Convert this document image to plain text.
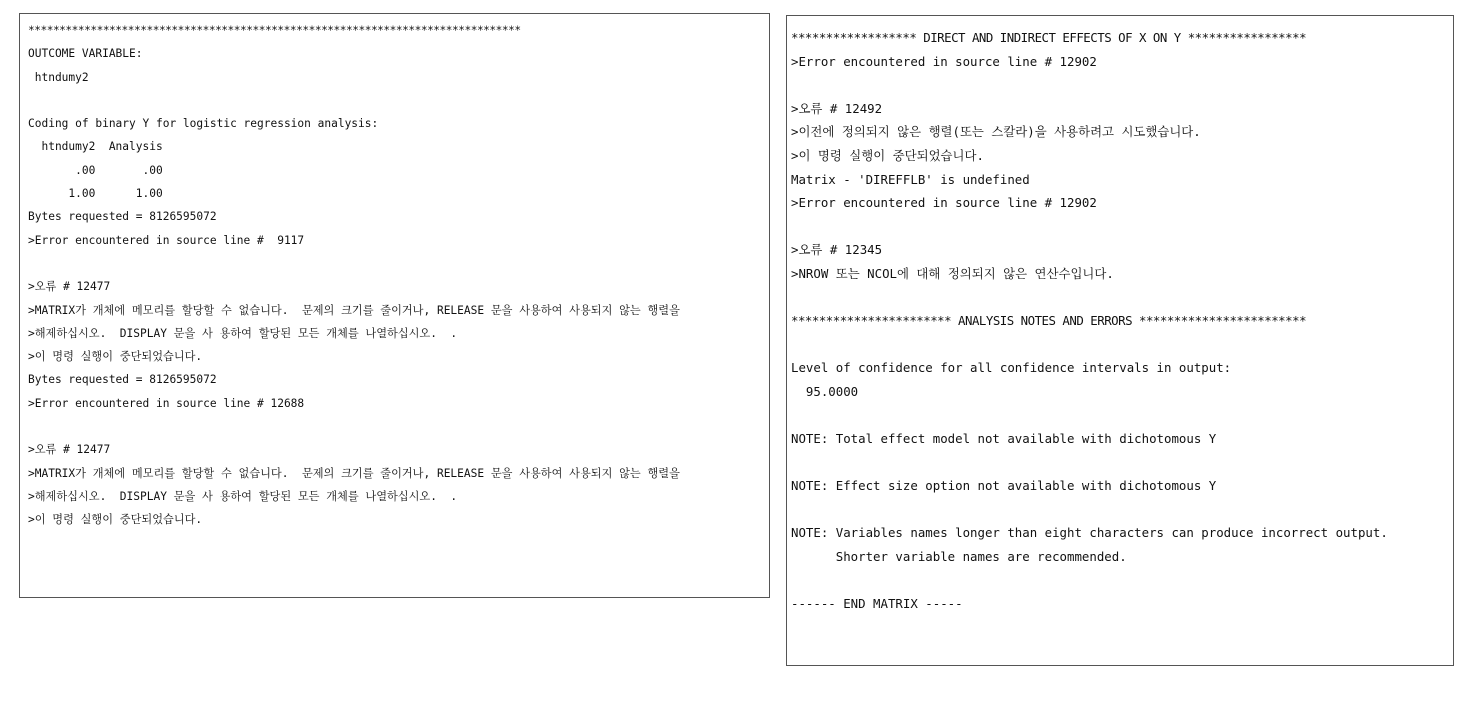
*******************************************************************************
OUTCOME VARIABLE:
htndumy2
Coding of binary Y for logistic regression analysis:
htndumy2  Analysis
.00       .00
1.00      1.00
Bytes requested = 8126595072
>Error encountered in source line #  9117
>오류 # 12477
>MATRIX가 개체에 메모리를 할당할 수 없습니다.  문제의 크기를 줄이거나, RELEASE 문을 사용하여 사용되지 않는 행렬을
>해제하십시오.  DISPLAY 문을 사 용하여 할당된 모든 개체를 나열하십시오.  .
>이 명령 실행이 중단되었습니다.
Bytes requested = 8126595072
>Error encountered in source line # 12688
>오류 # 12477
>MATRIX가 개체에 메모리를 할당할 수 없습니다.  문제의 크기를 줄이거나, RELEASE 문을 사용하여 사용되지 않는 행렬을
>해제하십시오.  DISPLAY 문을 사 용하여 할당된 모든 개체를 나열하십시오.  .
>이 명령 실행이 중단되었습니다.
****************** DIRECT AND INDIRECT EFFECTS OF X ON Y *****************
>Error encountered in source line # 12902
>오류 # 12492
>이전에 정의되지 않은 행렬(또는 스칼라)을 사용하려고 시도했습니다.
>이 명령 실행이 중단되었습니다.
Matrix - 'DIREFFLB' is undefined
>Error encountered in source line # 12902
>오류 # 12345
>NROW 또는 NCOL에 대해 정의되지 않은 연산수입니다.
*********************** ANALYSIS NOTES AND ERRORS ************************
Level of confidence for all confidence intervals in output:
95.0000
NOTE: Total effect model not available with dichotomous Y
NOTE: Effect size option not available with dichotomous Y
NOTE: Variables names longer than eight characters can produce incorrect output.
Shorter variable names are recommended.
------ END MATRIX -----
